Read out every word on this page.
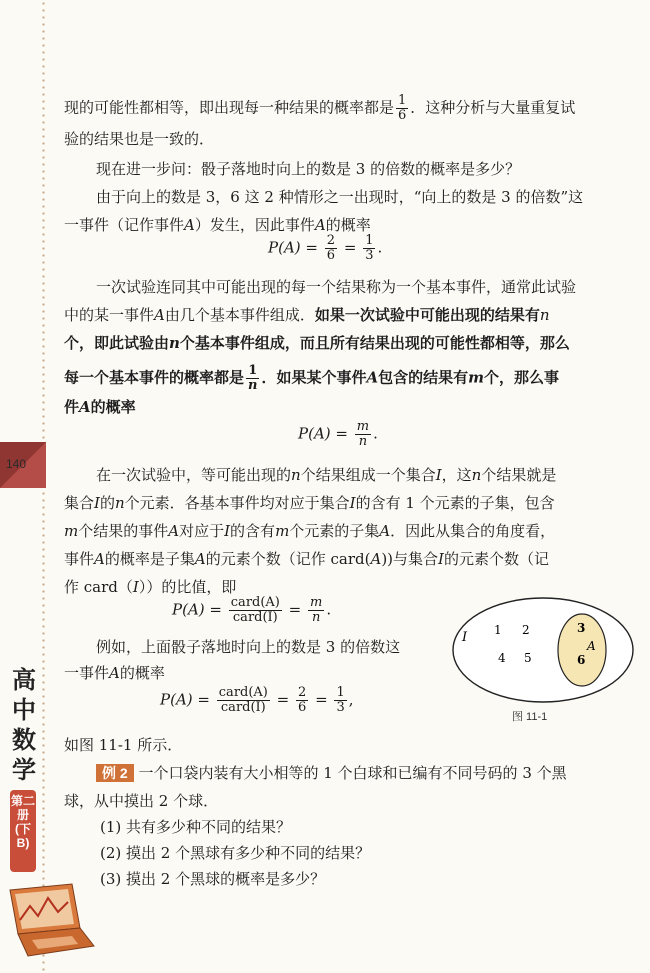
140
高
中
数
学
第二册
(下B)
现的可能性都相等，即出现每一种结果的概率都是 $\frac{1}{6}$ ．这种分析与大量重复试
验的结果也是一致的．
现在进一步问：骰子落地时向上的数是 3 的倍数的概率是多少？
由于向上的数是 3，6 这 2 种情形之一出现时，“向上的数是 3 的倍数”这
一事件（记作事件A）发生，因此事件A的概率
$P(A) = \frac{2}{6} = \frac{1}{3}$ .
一次试验连同其中可能出现的每一个结果称为一个基本事件，通常此试验
中的某一事件A由几个基本事件组成．如果一次试验中可能出现的结果有n
个，即此试验由n个基本事件组成，而且所有结果出现的可能性都相等，那么
每一个基本事件的概率都是 $\frac{1}{n}$ ．如果某个事件A包含的结果有m个，那么事
件A的概率
$P(A) = \frac{m}{n}$ .
在一次试验中，等可能出现的n个结果组成一个集合I，这n个结果就是
集合I的n个元素．各基本事件均对应于集合I的含有 1 个元素的子集，包含
m个结果的事件A对应于I的含有m个元素的子集A．因此从集合的角度看，
事件A的概率是子集A的元素个数（记作 card(A))与集合I的元素个数（记
作 card（I））的比值，即
$P(A) = \frac{\text{card(A)}}{\text{card(I)}} = \frac{m}{n}$ .
例如，上面骰子落地时向上的数是 3 的倍数这
一事件A的概率
$P(A) = \frac{\text{card(A)}}{\text{card(I)}} = \frac{2}{6} = \frac{1}{3}$ ,
如图 11-1 所示．
例 2 一个口袋内装有大小相等的 1 个白球和已编有不同号码的 3 个黑
球，从中摸出 2 个球．
(1) 共有多少种不同的结果？
(2) 摸出 2 个黑球有多少种不同的结果？
(3) 摸出 2 个黑球的概率是多少？
I 1 2	3
A
4 5	6
图 11-1
